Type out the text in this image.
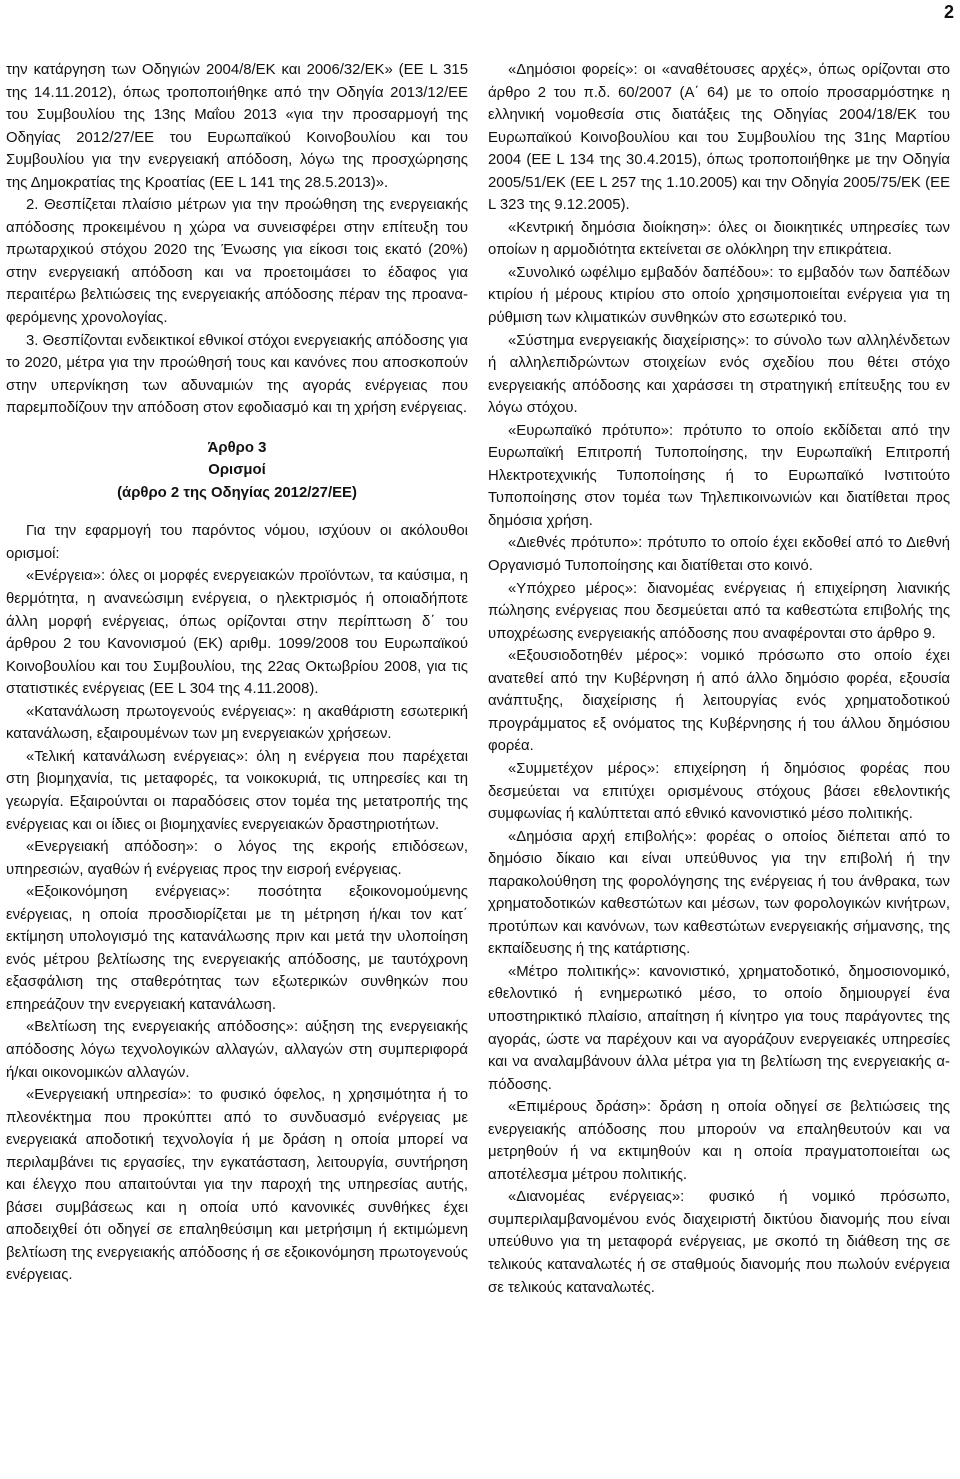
2

την κατάργηση των Οδηγιών 2004/8/ΕΚ και 2006/32/ΕΚ» (ΕΕ L 315 της 14.11.2012), όπως τροποποιήθηκε από την Οδηγία 2013/12/ΕΕ του Συμβουλίου της 13ης Μαΐου 2013 «για την προσαρμογή της Οδηγίας 2012/27/ΕΕ του Ευρωπαϊκού Κοινοβουλίου και του Συμβουλίου για την ενεργειακή απόδοση, λόγω της προσχώρησης της Δημοκρατίας της Κροατίας (ΕΕ L 141 της 28.5.2013)».

2. Θεσπίζεται πλαίσιο μέτρων για την προώθηση της ενεργειακής απόδοσης προκειμένου η χώρα να συνεισφέρει στην επίτευξη του πρωταρχικού στόχου 2020 της Ένωσης για είκοσι τοις εκατό (20%) στην ενεργειακή απόδοση και να προετοιμάσει το έδαφος για περαιτέρω βελτιώσεις της ενεργειακής απόδοσης πέραν της προαναφερόμενης χρονολογίας.

3. Θεσπίζονται ενδεικτικοί εθνικοί στόχοι ενεργειακής απόδοσης για το 2020, μέτρα για την προώθησή τους και κανόνες που αποσκοπούν στην υπερνίκηση των αδυναμιών της αγοράς ενέργειας που παρεμποδίζουν την απόδοση στον εφοδιασμό και τη χρήση ενέργειας.

Άρθρο 3
Ορισμοί
(άρθρο 2 της Οδηγίας 2012/27/ΕΕ)

Για την εφαρμογή του παρόντος νόμου, ισχύουν οι ακόλουθοι ορισμοί:

«Ενέργεια»: όλες οι μορφές ενεργειακών προϊόντων, τα καύσιμα, η θερμότητα, η ανανεώσιμη ενέργεια, ο ηλεκτρισμός ή οποιαδήποτε άλλη μορφή ενέργειας, όπως ορίζονται στην περίπτωση δ΄ του άρθρου 2 του Κανονισμού (ΕΚ) αριθμ. 1099/2008 του Ευρωπαϊκού Κοινοβουλίου και του Συμβουλίου, της 22ας Οκτωβρίου 2008, για τις στατιστικές ενέργειας (ΕΕ L 304 της 4.11.2008).

«Κατανάλωση πρωτογενούς ενέργειας»: η ακαθάριστη εσωτερική κατανάλωση, εξαιρουμένων των μη ενεργειακών χρήσεων.

«Τελική κατανάλωση ενέργειας»: όλη η ενέργεια που παρέχεται στη βιομηχανία, τις μεταφορές, τα νοικοκυριά, τις υπηρεσίες και τη γεωργία. Εξαιρούνται οι παραδόσεις στον τομέα της μετατροπής της ενέργειας και οι ίδιες οι βιομηχανίες ενεργειακών δραστηριοτήτων.

«Ενεργειακή απόδοση»: ο λόγος της εκροής επιδόσεων, υπηρεσιών, αγαθών ή ενέργειας προς την εισροή ενέργειας.

«Εξοικονόμηση ενέργειας»: ποσότητα εξοικονομούμενης ενέργειας, η οποία προσδιορίζεται με τη μέτρηση ή/και τον κατ΄ εκτίμηση υπολογισμό της κατανάλωσης πριν και μετά την υλοποίηση ενός μέτρου βελτίωσης της ενεργειακής απόδοσης, με ταυτόχρονη εξασφάλιση της σταθερότητας των εξωτερικών συνθηκών που επηρεάζουν την ενεργειακή κατανάλωση.

«Βελτίωση της ενεργειακής απόδοσης»: αύξηση της ενεργειακής απόδοσης λόγω τεχνολογικών αλλαγών, αλλαγών στη συμπεριφορά ή/και οικονομικών αλλαγών.

«Ενεργειακή υπηρεσία»: το φυσικό όφελος, η χρησιμότητα ή το πλεονέκτημα που προκύπτει από το συνδυασμό ενέργειας με ενεργειακά αποδοτική τεχνολογία ή με δράση η οποία μπορεί να περιλαμβάνει τις εργασίες, την εγκατάσταση, λειτουργία, συντήρηση και έλεγχο που απαιτούνται για την παροχή της υπηρεσίας αυτής, βάσει συμβάσεως και η οποία υπό κανονικές συνθήκες έχει αποδειχθεί ότι οδηγεί σε επαληθεύσιμη και μετρήσιμη ή εκτιμώμενη βελτίωση της ενεργειακής απόδοσης ή σε εξοικονόμηση πρωτογενούς ενέργειας.

«Δημόσιοι φορείς»: οι «αναθέτουσες αρχές», όπως ορίζονται στο άρθρο 2 του π.δ. 60/2007 (Α΄ 64) με το οποίο προσαρμόστηκε η ελληνική νομοθεσία στις διατάξεις της Οδηγίας 2004/18/ΕΚ του Ευρωπαϊκού Κοινοβουλίου και του Συμβουλίου της 31ης Μαρτίου 2004 (ΕΕ L 134 της 30.4.2015), όπως τροποποιήθηκε με την Οδηγία 2005/51/ΕΚ (ΕΕ L 257 της 1.10.2005) και την Οδηγία 2005/75/ΕΚ (ΕΕ L 323 της 9.12.2005).

«Κεντρική δημόσια διοίκηση»: όλες οι διοικητικές υπηρεσίες των οποίων η αρμοδιότητα εκτείνεται σε ολόκληρη την επικράτεια.

«Συνολικό ωφέλιμο εμβαδόν δαπέδου»: το εμβαδόν των δαπέδων κτιρίου ή μέρους κτιρίου στο οποίο χρησιμοποιείται ενέργεια για τη ρύθμιση των κλιματικών συνθηκών στο εσωτερικό του.

«Σύστημα ενεργειακής διαχείρισης»: το σύνολο των αλληλένδετων ή αλληλεπιδρώντων στοιχείων ενός σχεδίου που θέτει στόχο ενεργειακής απόδοσης και χαράσσει τη στρατηγική επίτευξης του εν λόγω στόχου.

«Ευρωπαϊκό πρότυπο»: πρότυπο το οποίο εκδίδεται από την Ευρωπαϊκή Επιτροπή Τυποποίησης, την Ευρωπαϊκή Επιτροπή Ηλεκτροτεχνικής Τυποποίησης ή το Ευρωπαϊκό Ινστιτούτο Τυποποίησης στον τομέα των Τηλεπικοινωνιών και διατίθεται προς δημόσια χρήση.

«Διεθνές πρότυπο»: πρότυπο το οποίο έχει εκδοθεί από το Διεθνή Οργανισμό Τυποποίησης και διατίθεται στο κοινό.

«Υπόχρεο μέρος»: διανομέας ενέργειας ή επιχείρηση λιανικής πώλησης ενέργειας που δεσμεύεται από τα καθεστώτα επιβολής της υποχρέωσης ενεργειακής απόδοσης που αναφέρονται στο άρθρο 9.

«Εξουσιοδοτηθέν μέρος»: νομικό πρόσωπο στο οποίο έχει ανατεθεί από την Κυβέρνηση ή από άλλο δημόσιο φορέα, εξουσία ανάπτυξης, διαχείρισης ή λειτουργίας ενός χρηματοδοτικού προγράμματος εξ ονόματος της Κυβέρνησης ή του άλλου δημόσιου φορέα.

«Συμμετέχον μέρος»: επιχείρηση ή δημόσιος φορέας που δεσμεύεται να επιτύχει ορισμένους στόχους βάσει εθελοντικής συμφωνίας ή καλύπτεται από εθνικό κανονιστικό μέσο πολιτικής.

«Δημόσια αρχή επιβολής»: φορέας ο οποίος διέπεται από το δημόσιο δίκαιο και είναι υπεύθυνος για την επιβολή ή την παρακολούθηση της φορολόγησης της ενέργειας ή του άνθρακα, των χρηματοδοτικών καθεστώτων και μέσων, των φορολογικών κινήτρων, προτύπων και κανόνων, των καθεστώτων ενεργειακής σήμανσης, της εκπαίδευσης ή της κατάρτισης.

«Μέτρο πολιτικής»: κανονιστικό, χρηματοδοτικό, δημοσιονομικό, εθελοντικό ή ενημερωτικό μέσο, το οποίο δημιουργεί ένα υποστηρικτικό πλαίσιο, απαίτηση ή κίνητρο για τους παράγοντες της αγοράς, ώστε να παρέχουν και να αγοράζουν ενεργειακές υπηρεσίες και να αναλαμβάνουν άλλα μέτρα για τη βελτίωση της ενεργειακής απόδοσης.

«Επιμέρους δράση»: δράση η οποία οδηγεί σε βελτιώσεις της ενεργειακής απόδοσης που μπορούν να επαληθευτούν και να μετρηθούν ή να εκτιμηθούν και η οποία πραγματοποιείται ως αποτέλεσμα μέτρου πολιτικής.

«Διανομέας ενέργειας»: φυσικό ή νομικό πρόσωπο, συμπεριλαμβανομένου ενός διαχειριστή δικτύου διανομής που είναι υπεύθυνο για τη μεταφορά ενέργειας, με σκοπό τη διάθεση της σε τελικούς καταναλωτές ή σε σταθμούς διανομής που πωλούν ενέργεια σε τελικούς καταναλωτές.
